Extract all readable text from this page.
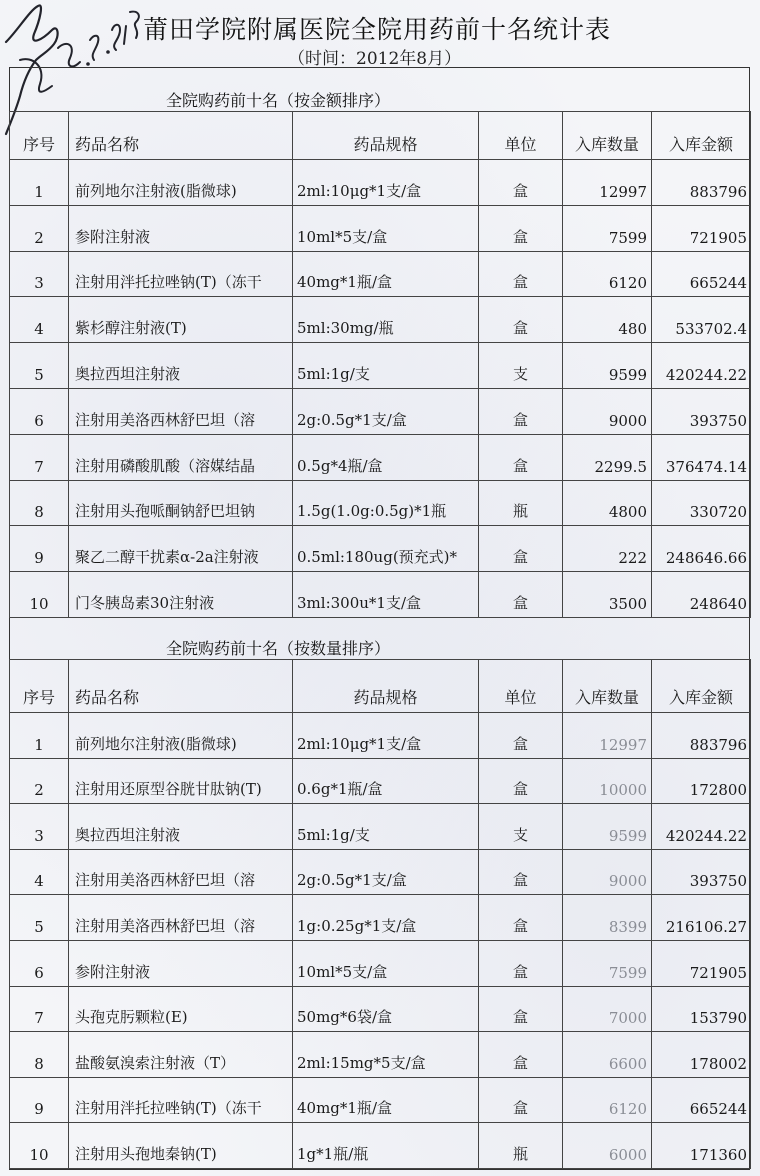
莆田学院附属医院全院用药前十名统计表
（时间：2012年8月）
全院购药前十名（按金额排序）
序号	药品名称	药品规格	单位	入库数量	入库金额
1	前列地尔注射液(脂微球)	2ml:10μg*1支/盒	盒	12997	883796
2	参附注射液	10ml*5支/盒	盒	7599	721905
3	注射用泮托拉唑钠(T)（冻干	40mg*1瓶/盒	盒	6120	665244
4	紫杉醇注射液(T)	5ml:30mg/瓶	盒	480	533702.4
5	奥拉西坦注射液	5ml:1g/支	支	9599	420244.22
6	注射用美洛西林舒巴坦（溶	2g:0.5g*1支/盒	盒	9000	393750
7	注射用磷酸肌酸（溶媒结晶	0.5g*4瓶/盒	盒	2299.5	376474.14
8	注射用头孢哌酮钠舒巴坦钠	1.5g(1.0g:0.5g)*1瓶	瓶	4800	330720
9	聚乙二醇干扰素α-2a注射液	0.5ml:180ug(预充式)*	盒	222	248646.66
10	门冬胰岛素30注射液	3ml:300u*1支/盒	盒	3500	248640
全院购药前十名（按数量排序）
序号	药品名称	药品规格	单位	入库数量	入库金额
1	前列地尔注射液(脂微球)	2ml:10μg*1支/盒	盒	12997	883796
2	注射用还原型谷胱甘肽钠(T)	0.6g*1瓶/盒	盒	10000	172800
3	奥拉西坦注射液	5ml:1g/支	支	9599	420244.22
4	注射用美洛西林舒巴坦（溶	2g:0.5g*1支/盒	盒	9000	393750
5	注射用美洛西林舒巴坦（溶	1g:0.25g*1支/盒	盒	8399	216106.27
6	参附注射液	10ml*5支/盒	盒	7599	721905
7	头孢克肟颗粒(E)	50mg*6袋/盒	盒	7000	153790
8	盐酸氨溴索注射液（T）	2ml:15mg*5支/盒	盒	6600	178002
9	注射用泮托拉唑钠(T)（冻干	40mg*1瓶/盒	盒	6120	665244
10	注射用头孢地秦钠(T)	1g*1瓶/瓶	瓶	6000	171360
